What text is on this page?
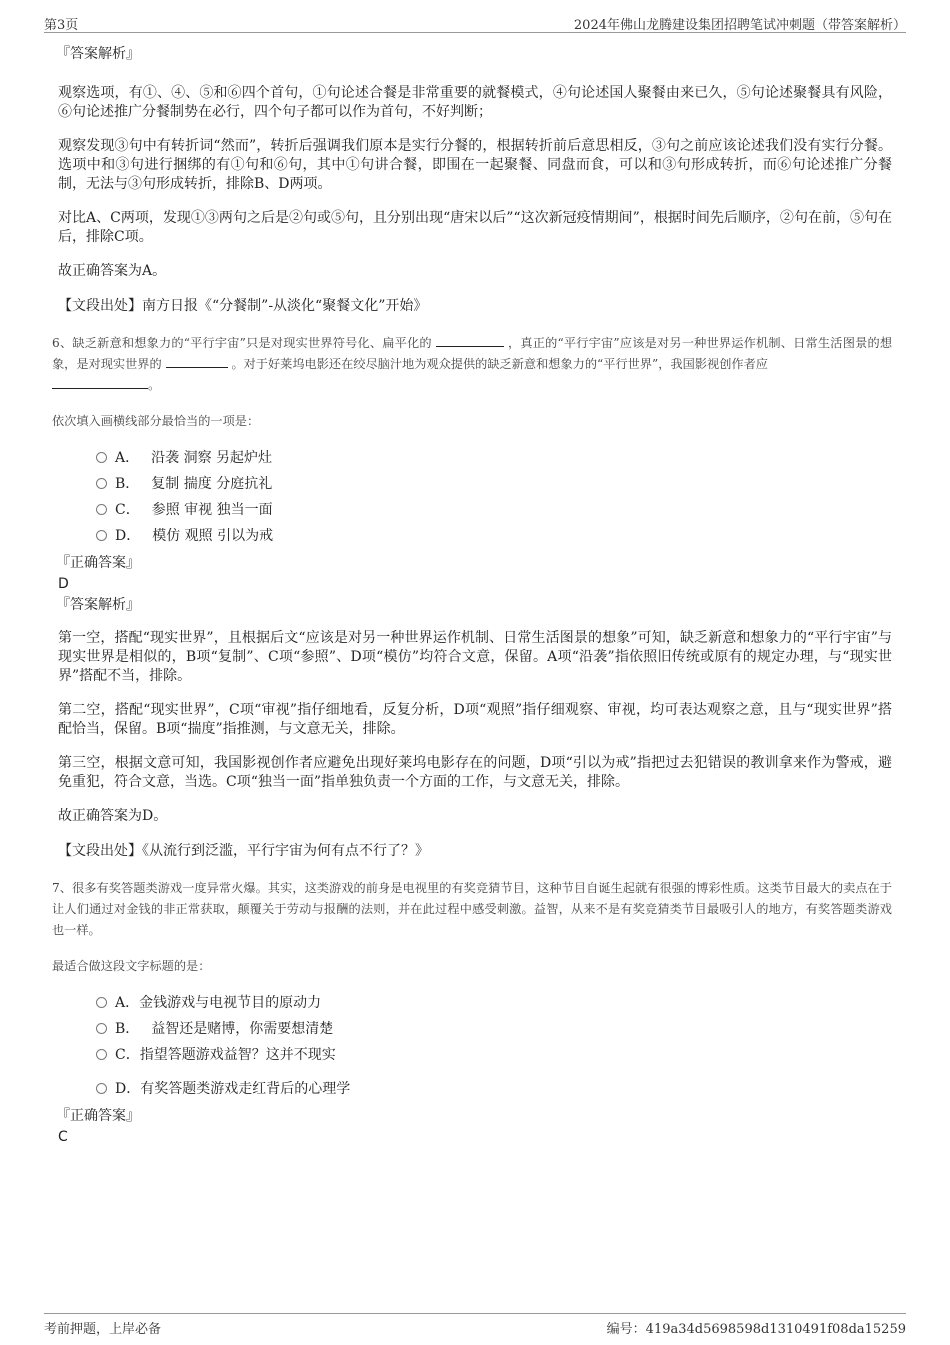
第3页	2024年佛山龙腾建设集团招聘笔试冲刺题（带答案解析）
『答案解析』

观察选项，有①、④、⑤和⑥四个首句，①句论述合餐是非常重要的就餐模式，④句论述国人聚餐由来已久，⑤句论述聚餐具有风险，⑥句论述推广分餐制势在必行，四个句子都可以作为首句，不好判断；

观察发现③句中有转折词“然而”，转折后强调我们原本是实行分餐的，根据转折前后意思相反，③句之前应该论述我们没有实行分餐。选项中和③句进行捆绑的有①句和⑥句，其中①句讲合餐，即围在一起聚餐、同盘而食，可以和③句形成转折，而⑥句论述推广分餐制，无法与③句形成转折，排除B、D两项。

对比A、C两项，发现①③两句之后是②句或⑤句，且分别出现“唐宋以后”“这次新冠疫情期间”，根据时间先后顺序，②句在前，⑤句在后，排除C项。

故正确答案为A。

【文段出处】南方日报《“分餐制”-从淡化“聚餐文化”开始》

6、缺乏新意和想象力的“平行宇宙”只是对现实世界符号化、扁平化的	，真正的“平行宇宙”应该是对另一种世界运作机制、日常生活图景的想象，是对现实世界的	。对于好莱坞电影还在绞尽脑汁地为观众提供的缺乏新意和想象力的“平行世界”，我国影视创作者应
。

依次填入画横线部分最恰当的一项是：

A． 沿袭 洞察 另起炉灶
B． 复制 揣度 分庭抗礼
C． 参照 审视 独当一面
D． 模仿 观照 引以为戒
『正确答案』
D
『答案解析』

第一空，搭配“现实世界”，且根据后文“应该是对另一种世界运作机制、日常生活图景的想象”可知，缺乏新意和想象力的“平行宇宙”与现实世界是相似的，B项“复制”、C项“参照”、D项“模仿”均符合文意，保留。A项“沿袭”指依照旧传统或原有的规定办理，与“现实世界”搭配不当，排除。

第二空，搭配“现实世界”，C项“审视”指仔细地看，反复分析，D项“观照”指仔细观察、审视，均可表达观察之意，且与“现实世界”搭配恰当，保留。B项“揣度”指推测，与文意无关，排除。

第三空，根据文意可知，我国影视创作者应避免出现好莱坞电影存在的问题，D项“引以为戒”指把过去犯错误的教训拿来作为警戒，避免重犯，符合文意，当选。C项“独当一面”指单独负责一个方面的工作，与文意无关，排除。

故正确答案为D。

【文段出处】《从流行到泛滥，平行宇宙为何有点不行了？》

7、很多有奖答题类游戏一度异常火爆。其实，这类游戏的前身是电视里的有奖竞猜节目，这种节目自诞生起就有很强的博彩性质。这类节目最大的卖点在于让人们通过对金钱的非正常获取，颠覆关于劳动与报酬的法则，并在此过程中感受刺激。益智，从来不是有奖竞猜类节目最吸引人的地方，有奖答题类游戏也一样。

最适合做这段文字标题的是：

A．金钱游戏与电视节目的原动力
B． 益智还是赌博，你需要想清楚
C．指望答题游戏益智？这并不现实
D．有奖答题类游戏走红背后的心理学
『正确答案』
C
考前押题，上岸必备	编号：419a34d5698598d1310491f08da15259
